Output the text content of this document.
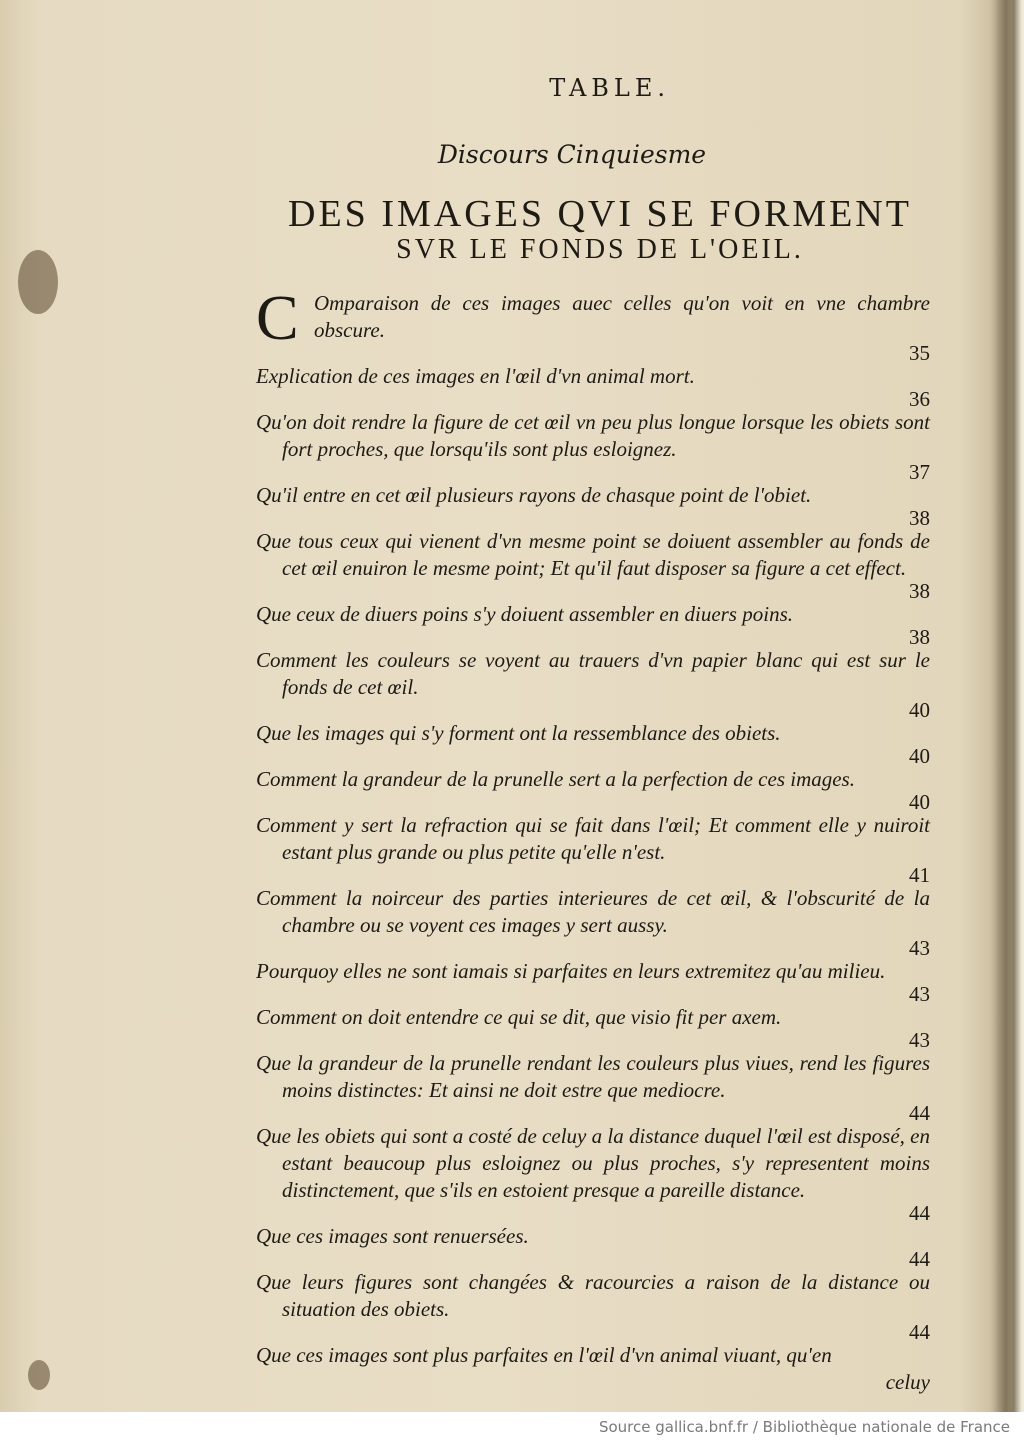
TABLE.
Discours Cinquiesme
DES IMAGES QVI SE FORMENT
SVR LE FONDS DE L'OEIL.
C Omparaison de ces images auec celles qu'on voit en vne chambre obscure.
35
Explication de ces images en l'œil d'vn animal mort.
36
Qu'on doit rendre la figure de cet œil vn peu plus longue lorsque les obiets sont fort proches, que lorsqu'ils sont plus esloignez.
37
Qu'il entre en cet œil plusieurs rayons de chasque point de l'obiet.
38
Que tous ceux qui vienent d'vn mesme point se doiuent assembler au fonds de cet œil enuiron le mesme point; Et qu'il faut disposer sa figure a cet effect.
38
Que ceux de diuers poins s'y doiuent assembler en diuers poins.
38
Comment les couleurs se voyent au trauers d'vn papier blanc qui est sur le fonds de cet œil.
40
Que les images qui s'y forment ont la ressemblance des obiets.
40
Comment la grandeur de la prunelle sert a la perfection de ces images.
40
Comment y sert la refraction qui se fait dans l'œil; Et comment elle y nuiroit estant plus grande ou plus petite qu'elle n'est.
41
Comment la noirceur des parties interieures de cet œil, & l'obscurité de la chambre ou se voyent ces images y sert aussy.
43
Pourquoy elles ne sont iamais si parfaites en leurs extremitez qu'au milieu.
43
Comment on doit entendre ce qui se dit, que visio fit per axem.
43
Que la grandeur de la prunelle rendant les couleurs plus viues, rend les figures moins distinctes: Et ainsi ne doit estre que mediocre.
44
Que les obiets qui sont a costé de celuy a la distance duquel l'œil est disposé, en estant beaucoup plus esloignez ou plus proches, s'y representent moins distinctement, que s'ils en estoient presque a pareille distance.
44
Que ces images sont renuersées.
44
Que leurs figures sont changées & racourcies a raison de la distance ou situation des obiets.
44
Que ces images sont plus parfaites en l'œil d'vn animal viuant, qu'en
celuy
Source gallica.bnf.fr / Bibliothèque nationale de France
